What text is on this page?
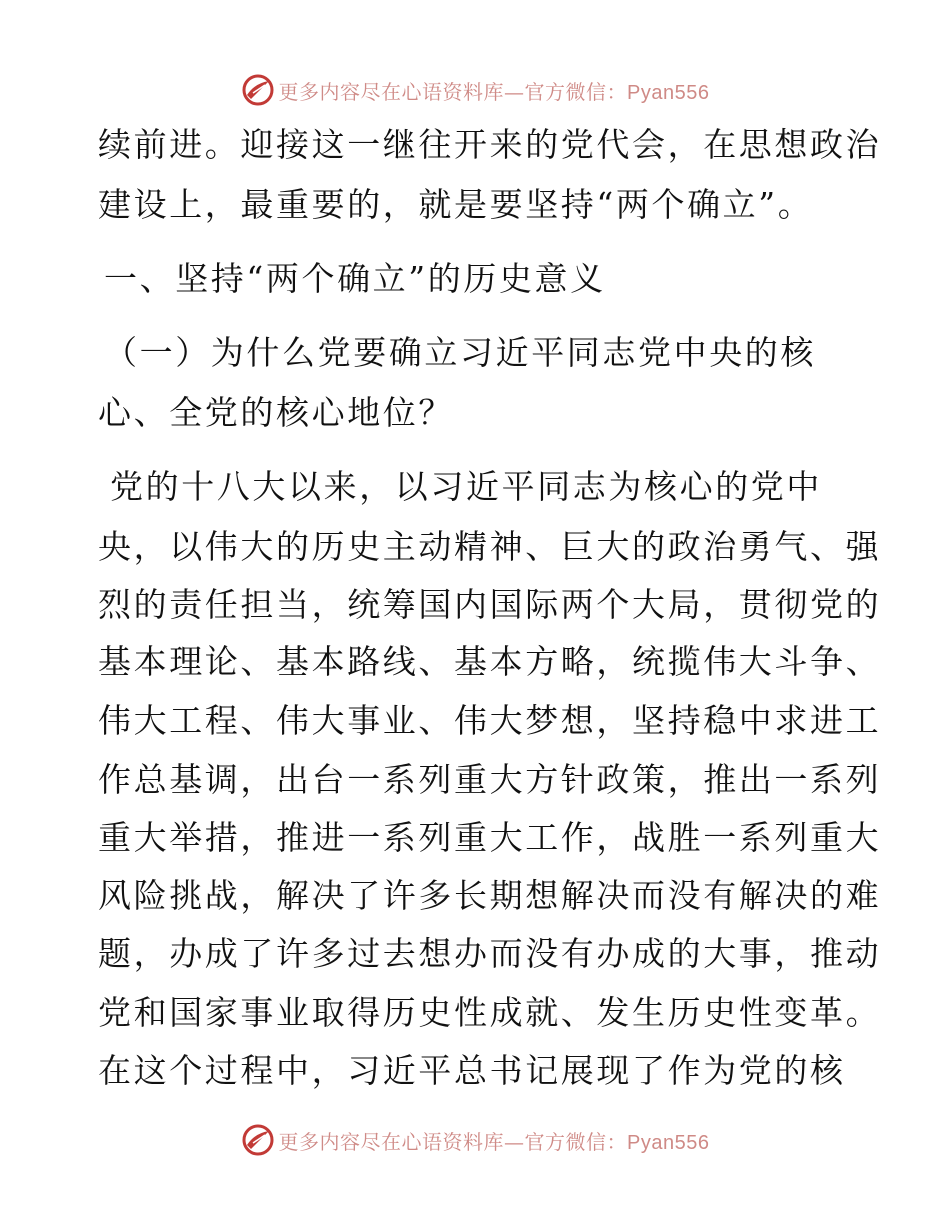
更多内容尽在心语资料库—官方微信：Pyan556
续前进。迎接这一继往开来的党代会，在思想政治
建设上，最重要的，就是要坚持“两个确立”。
一、坚持“两个确立”的历史意义
（一）为什么党要确立习近平同志党中央的核
心、全党的核心地位？
党的十八大以来，以习近平同志为核心的党中
央，以伟大的历史主动精神、巨大的政治勇气、强
烈的责任担当，统筹国内国际两个大局，贯彻党的
基本理论、基本路线、基本方略，统揽伟大斗争、
伟大工程、伟大事业、伟大梦想，坚持稳中求进工
作总基调，出台一系列重大方针政策，推出一系列
重大举措，推进一系列重大工作，战胜一系列重大
风险挑战，解决了许多长期想解决而没有解决的难
题，办成了许多过去想办而没有办成的大事，推动
党和国家事业取得历史性成就、发生历史性变革。
在这个过程中，习近平总书记展现了作为党的核
更多内容尽在心语资料库—官方微信：Pyan556
